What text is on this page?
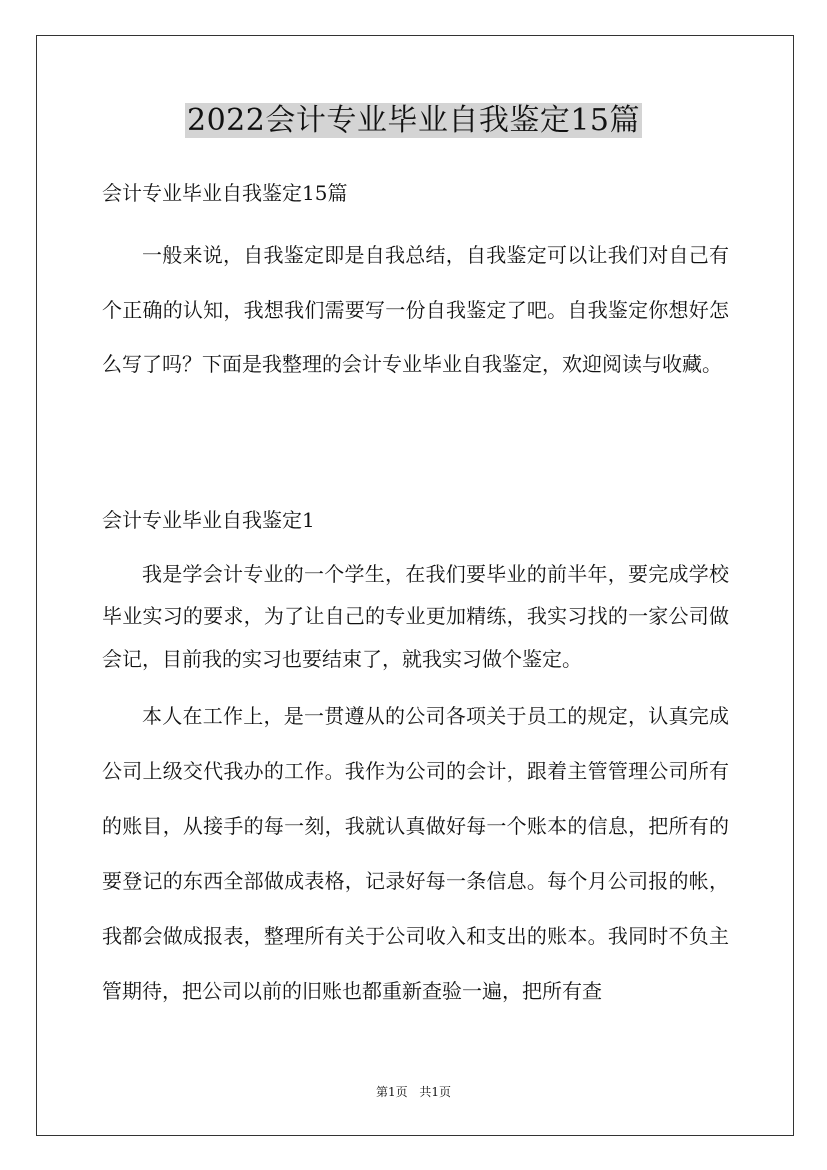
2022会计专业毕业自我鉴定15篇

会计专业毕业自我鉴定15篇

一般来说，自我鉴定即是自我总结，自我鉴定可以让我们对自己有个正确的认知，我想我们需要写一份自我鉴定了吧。自我鉴定你想好怎么写了吗？下面是我整理的会计专业毕业自我鉴定，欢迎阅读与收藏。

会计专业毕业自我鉴定1

我是学会计专业的一个学生，在我们要毕业的前半年，要完成学校毕业实习的要求，为了让自己的专业更加精练，我实习找的一家公司做会记，目前我的实习也要结束了，就我实习做个鉴定。

本人在工作上，是一贯遵从的公司各项关于员工的规定，认真完成公司上级交代我办的工作。我作为公司的会计，跟着主管管理公司所有的账目，从接手的每一刻，我就认真做好每一个账本的信息，把所有的要登记的东西全部做成表格，记录好每一条信息。每个月公司报的帐，我都会做成报表，整理所有关于公司收入和支出的账本。我同时不负主管期待，把公司以前的旧账也都重新查验一遍，把所有查

第1页 共1页
